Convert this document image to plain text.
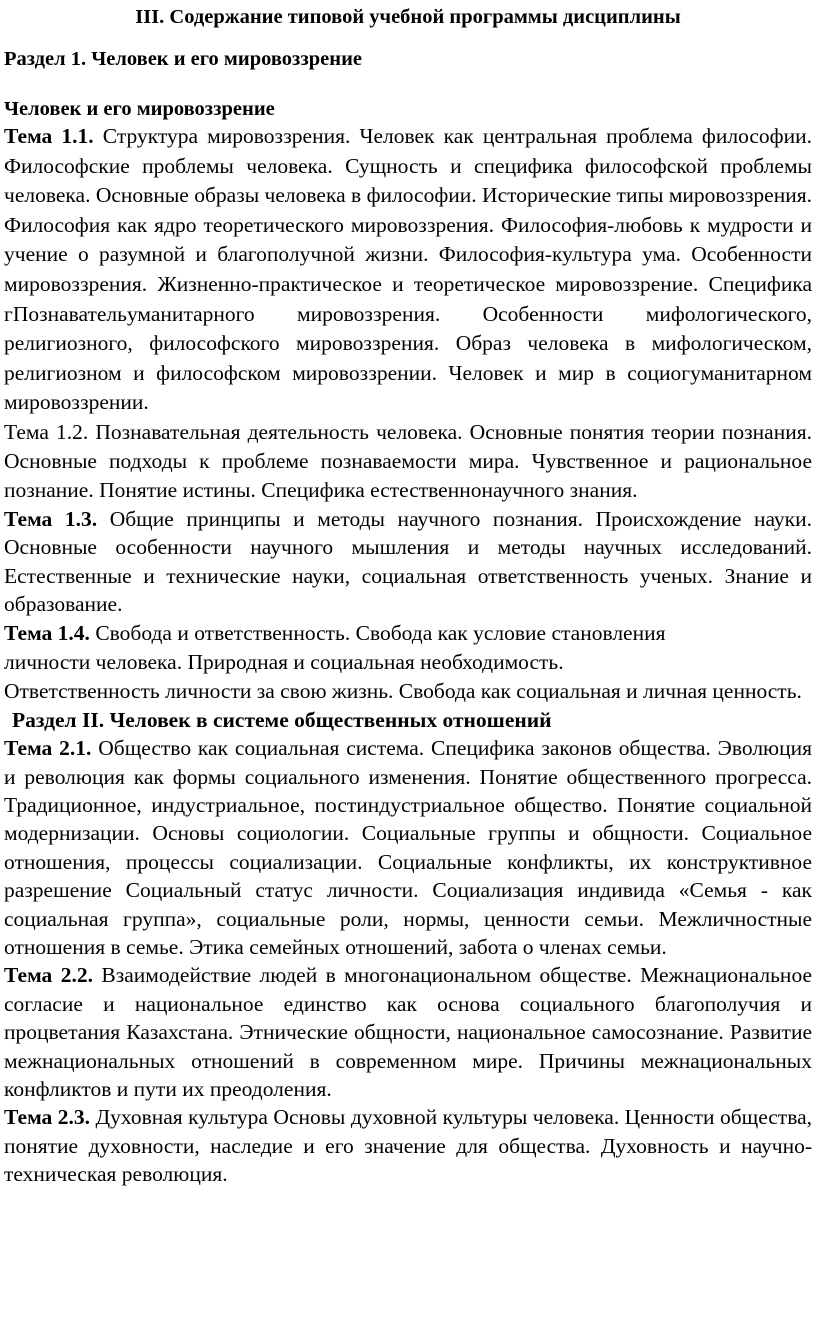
III. Содержание типовой учебной программы дисциплины

Раздел 1. Человек и его мировоззрение

Человек и его мировоззрение

Тема 1.1. Структура мировоззрения. Человек как центральная проблема философии. Философские проблемы человека. Сущность и специфика философской проблемы человека. Основные образы человека в философии. Исторические типы мировоззрения. Философия как ядро теоретического мировоззрения. Философия-любовь к мудрости и учение о разумной и благополучной жизни. Философия-культура ума. Особенности мировоззрения. Жизненно-практическое и теоретическое мировоззрение. Специфика гПознавательуманитарного мировоззрения. Особенности мифологического, религиозного, философского мировоззрения. Образ человека в мифологическом, религиозном и философском мировоззрении. Человек и мир в социогуманитарном мировоззрении.

Тема 1.2. Познавательная деятельность человека. Основные понятия теории познания. Основные подходы к проблеме познаваемости мира. Чувственное и рациональное познание. Понятие истины. Специфика естественнонаучного знания.

Тема 1.3. Общие принципы и методы научного познания. Происхождение науки. Основные особенности научного мышления и методы научных исследований. Естественные и технические науки, социальная ответственность ученых. Знание и образование.

Тема 1.4. Свобода и ответственность. Свобода как условие становления
личности человека. Природная и социальная необходимость.
Ответственность личности за свою жизнь. Свобода как социальная и личная ценность.

Раздел II. Человек в системе общественных отношений

Тема 2.1. Общество как социальная система. Специфика законов общества. Эволюция и революция как формы социального изменения. Понятие общественного прогресса. Традиционное, индустриальное, постиндустриальное общество. Понятие социальной модернизации. Основы социологии. Социальные группы и общности. Социальное отношения, процессы социализации. Социальные конфликты, их конструктивное разрешение Социальный статус личности. Социализация индивида «Семья - как социальная группа», социальные роли, нормы, ценности семьи. Межличностные отношения в семье. Этика семейных отношений, забота о членах семьи.

Тема 2.2. Взаимодействие людей в многонациональном обществе. Межнациональное согласие и национальное единство как основа социального благополучия и процветания Казахстана. Этнические общности, национальное самосознание. Развитие межнациональных отношений в современном мире. Причины межнациональных конфликтов и пути их преодоления.

Тема 2.3. Духовная культура Основы духовной культуры человека. Ценности общества, понятие духовности, наследие и его значение для общества. Духовность и научно- техническая революция.
